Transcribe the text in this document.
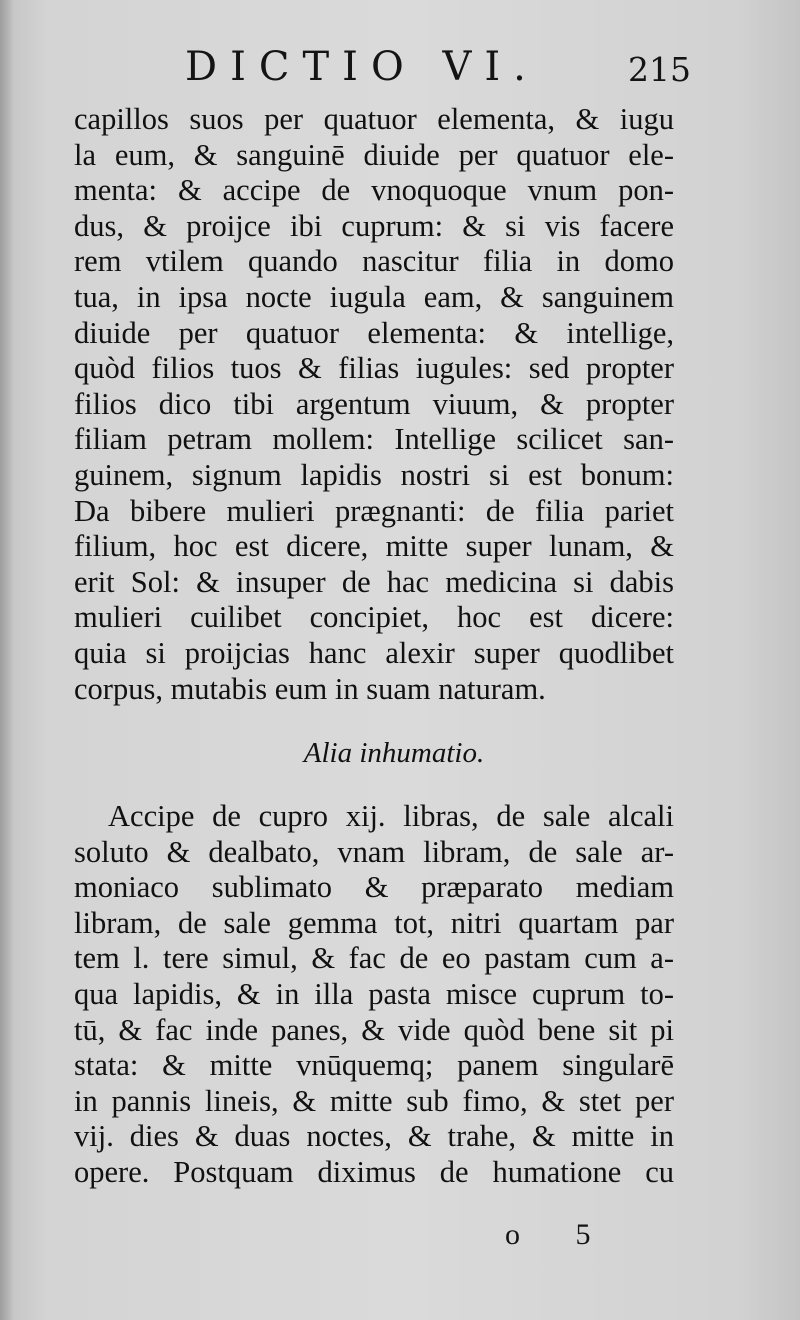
DICTIO VI.	215
capillos suos per quatuor elementa, & iugu
la eum, & sanguinē diuide per quatuor ele-
menta: & accipe de vnoquoque vnum pon-
dus, & proijce ibi cuprum: & si vis facere
rem vtilem quando nascitur filia in domo
tua, in ipsa nocte iugula eam, & sanguinem
diuide per quatuor elementa: & intellige,
quòd filios tuos & filias iugules: sed propter
filios dico tibi argentum viuum, & propter
filiam petram mollem: Intellige scilicet san-
guinem, signum lapidis nostri si est bonum:
Da bibere mulieri prægnanti: de filia pariet
filium, hoc est dicere, mitte super lunam, &
erit Sol: & insuper de hac medicina si dabis
mulieri cuilibet concipiet, hoc est dicere:
quia si proijcias hanc alexir super quodlibet
corpus, mutabis eum in suam naturam.
Alia inhumatio.
Accipe de cupro xij. libras, de sale alcali
soluto & dealbato, vnam libram, de sale ar-
moniaco sublimato & præparato mediam
libram, de sale gemma tot, nitri quartam par
tem l. tere simul, & fac de eo pastam cum a-
qua lapidis, & in illa pasta misce cuprum to-
tū, & fac inde panes, & vide quòd bene sit pi
stata: & mitte vnūquemq; panem singularē
in pannis lineis, & mitte sub fimo, & stet per
vij. dies & duas noctes, & trahe, & mitte in
opere. Postquam diximus de humatione cu
o 5
